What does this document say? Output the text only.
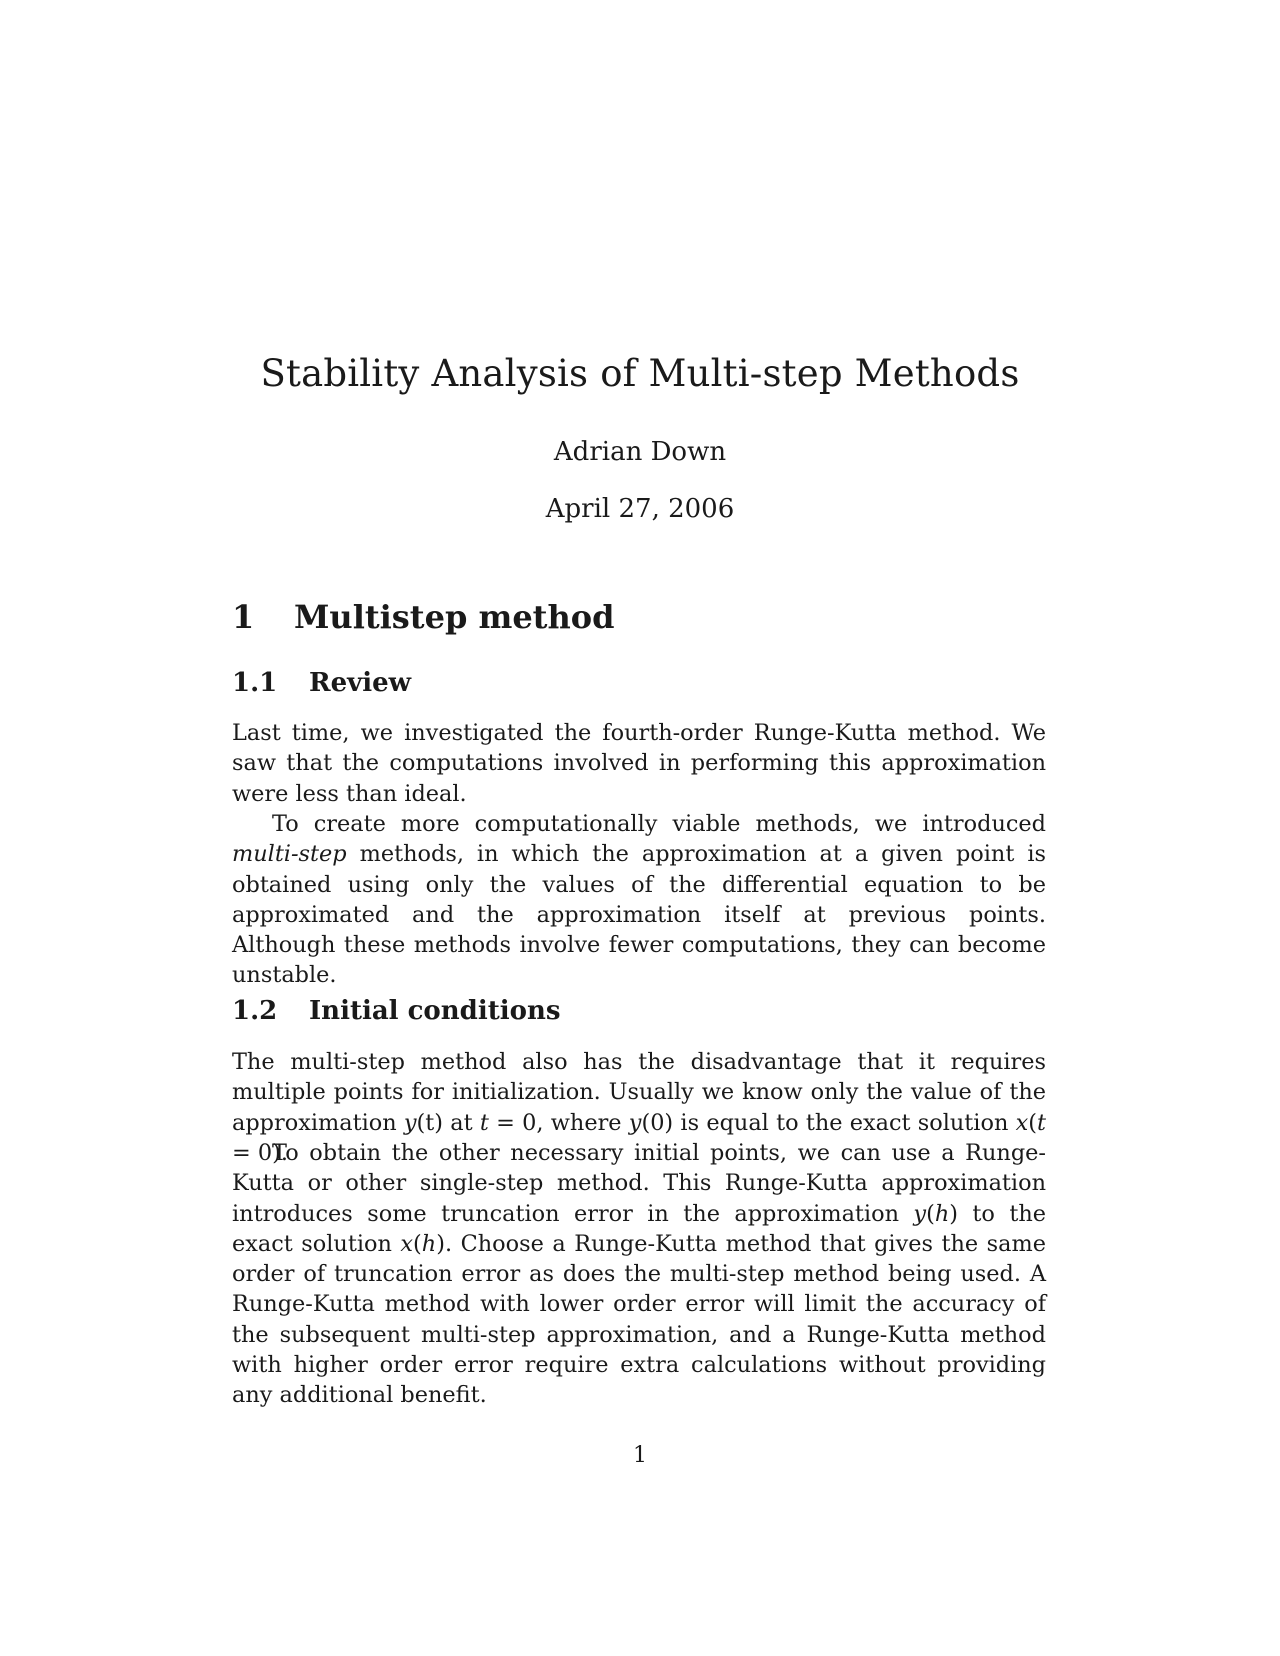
Stability Analysis of Multi-step Methods
Adrian Down
April 27, 2006
1 Multistep method
1.1 Review

Last time, we investigated the fourth-order Runge-Kutta method. We saw that the computations involved in performing this approximation were less than ideal.

To create more computationally viable methods, we introduced multi-step methods, in which the approximation at a given point is obtained using only the values of the differential equation to be approximated and the approximation itself at previous points. Although these methods involve fewer computations, they can become unstable.

1.2 Initial conditions

The multi-step method also has the disadvantage that it requires multiple points for initialization. Usually we know only the value of the approximation y(t) at t = 0, where y(0) is equal to the exact solution x(t = 0).

To obtain the other necessary initial points, we can use a Runge-Kutta or other single-step method. This Runge-Kutta approximation introduces some truncation error in the approximation y(h) to the exact solution x(h). Choose a Runge-Kutta method that gives the same order of truncation error as does the multi-step method being used. A Runge-Kutta method with lower order error will limit the accuracy of the subsequent multi-step approximation, and a Runge-Kutta method with higher order error require extra calculations without providing any additional benefit.

1
